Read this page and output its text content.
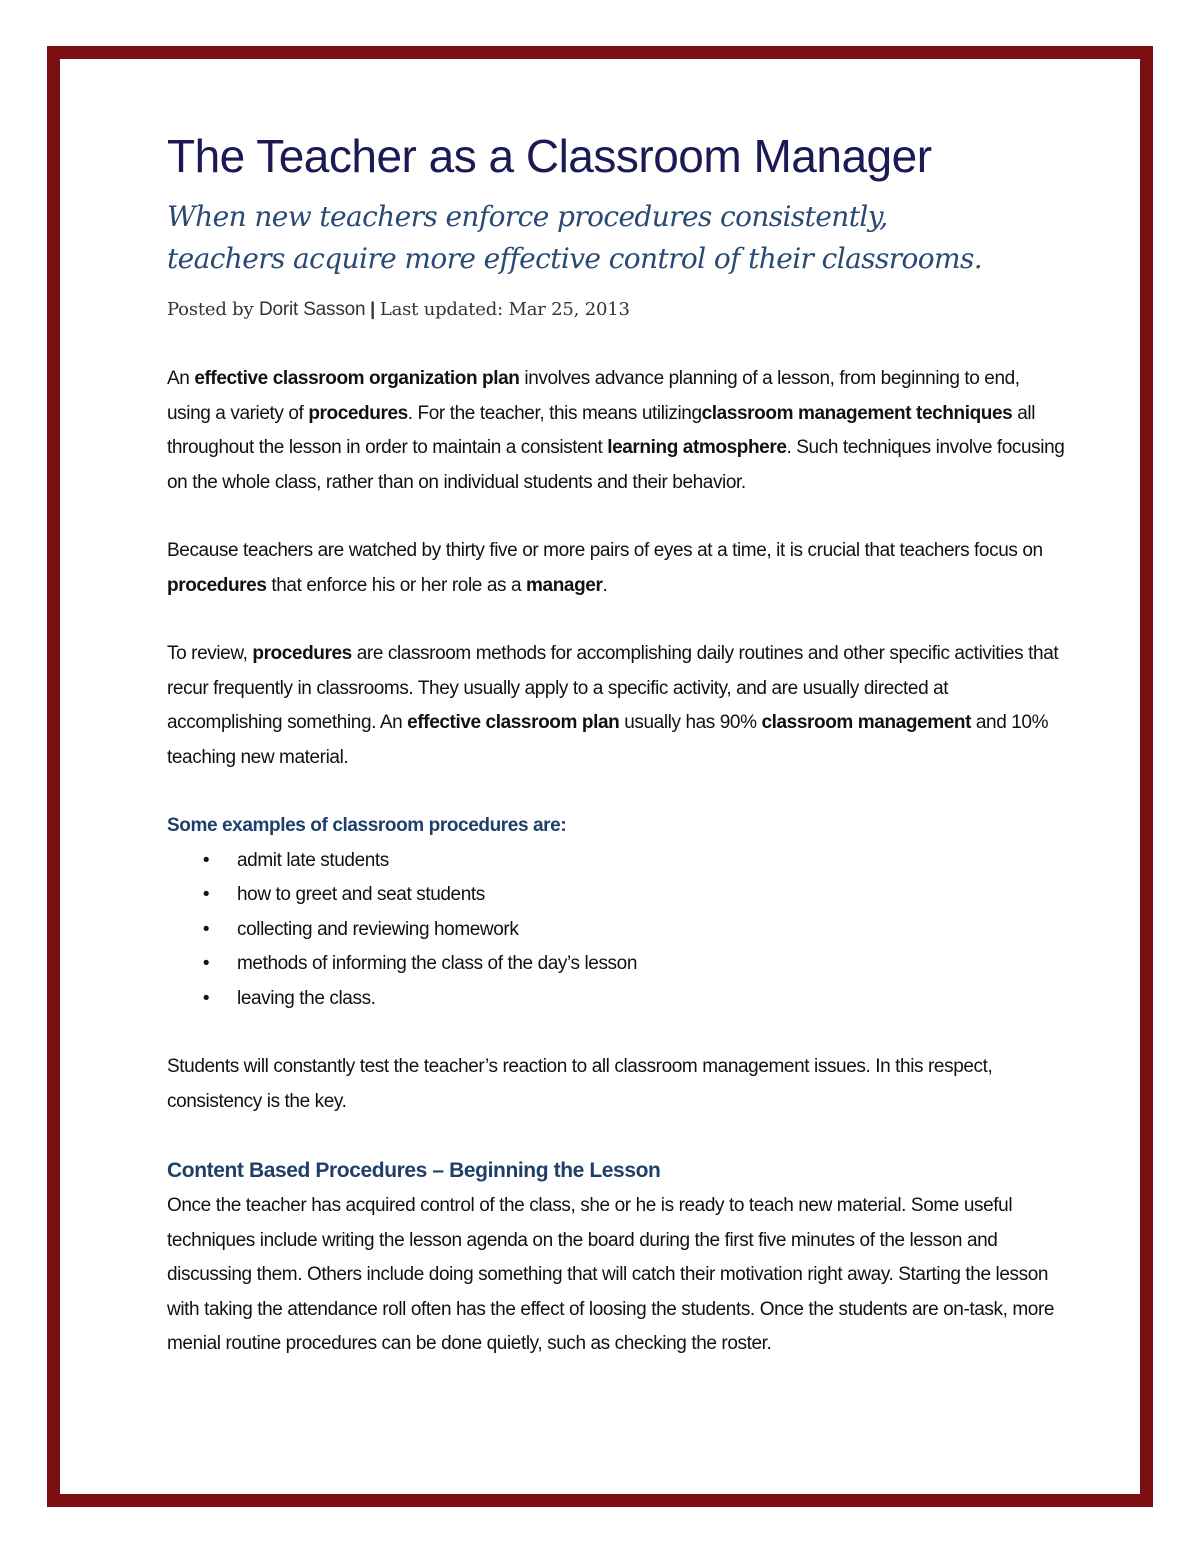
The Teacher as a Classroom Manager
When new teachers enforce procedures consistently,
teachers acquire more effective control of their classrooms.
Posted by Dorit Sasson | Last updated: Mar 25, 2013

An effective classroom organization plan involves advance planning of a lesson, from beginning to end, using a variety of procedures. For the teacher, this means utilizingclassroom management techniques all throughout the lesson in order to maintain a consistent learning atmosphere. Such techniques involve focusing on the whole class, rather than on individual students and their behavior.

Because teachers are watched by thirty five or more pairs of eyes at a time, it is crucial that teachers focus on procedures that enforce his or her role as a manager.

To review, procedures are classroom methods for accomplishing daily routines and other specific activities that recur frequently in classrooms. They usually apply to a specific activity, and are usually directed at accomplishing something. An effective classroom plan usually has 90% classroom management and 10% teaching new material.

Some examples of classroom procedures are:
• admit late students
• how to greet and seat students
• collecting and reviewing homework
• methods of informing the class of the day’s lesson
• leaving the class.

Students will constantly test the teacher’s reaction to all classroom management issues. In this respect, consistency is the key.

Content Based Procedures – Beginning the Lesson

Once the teacher has acquired control of the class, she or he is ready to teach new material. Some useful techniques include writing the lesson agenda on the board during the first five minutes of the lesson and discussing them. Others include doing something that will catch their motivation right away. Starting the lesson with taking the attendance roll often has the effect of loosing the students. Once the students are on-task, more menial routine procedures can be done quietly, such as checking the roster.
